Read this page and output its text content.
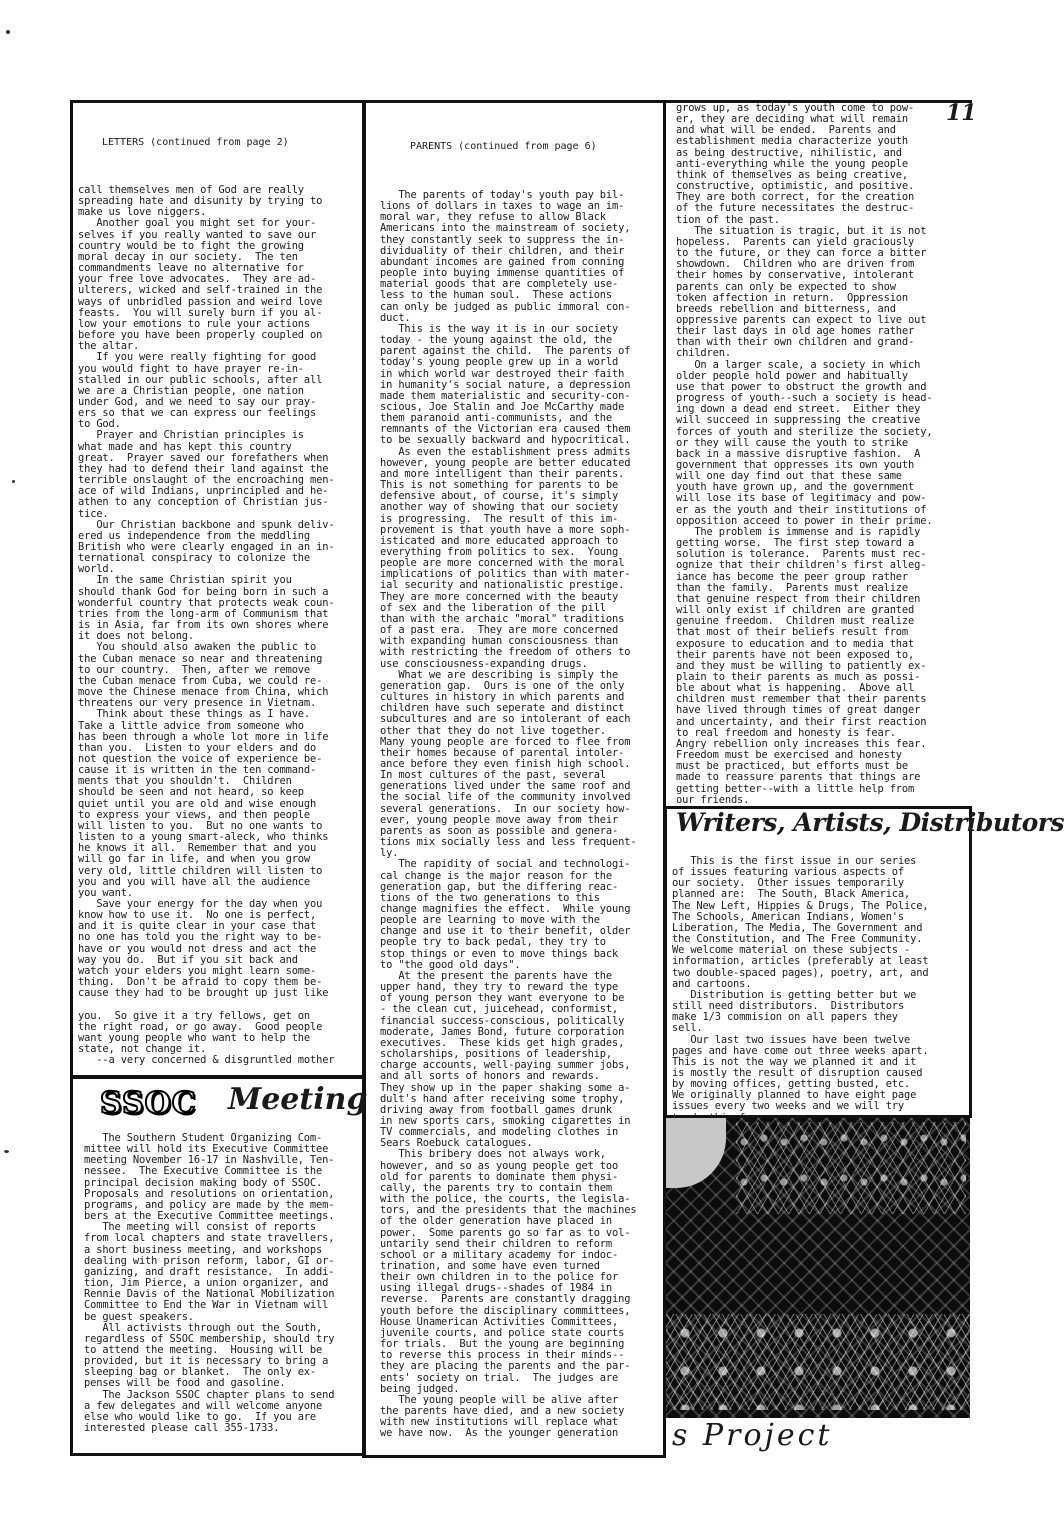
11
LETTERS (continued from page 2)
call themselves men of God are really
spreading hate and disunity by trying to
make us love niggers.
Another goal you might set for your-
selves if you really wanted to save our
country would be to fight the growing
moral decay in our society.  The ten
commandments leave no alternative for
your free love advocates.  They are ad-
ulterers, wicked and self-trained in the
ways of unbridled passion and weird love
feasts.  You will surely burn if you al-
low your emotions to rule your actions
before you have been properly coupled on
the altar.
If you were really fighting for good
you would fight to have prayer re-in-
stalled in our public schools, after all
we are a Christian people, one nation
under God, and we need to say our pray-
ers so that we can express our feelings
to God.
Prayer and Christian principles is
what made and has kept this country
great.  Prayer saved our forefathers when
they had to defend their land against the
terrible onslaught of the encroaching men-
ace of wild Indians, unprincipled and he-
athen to any conception of Christian jus-
tice.
Our Christian backbone and spunk deliv-
ered us independence from the meddling
British who were clearly engaged in an in-
ternational conspiracy to colonize the
world.
In the same Christian spirit you
should thank God for being born in such a
wonderful country that protects weak coun-
tries from the long-arm of Communism that
is in Asia, far from its own shores where
it does not belong.
You should also awaken the public to
the Cuban menace so near and threatening
to our country.  Then, after we remove
the Cuban menace from Cuba, we could re-
move the Chinese menace from China, which
threatens our very presence in Vietnam.
Think about these things as I have.
Take a little advice from someone who
has been through a whole lot more in life
than you.  Listen to your elders and do
not question the voice of experience be-
cause it is written in the ten command-
ments that you shouldn't.  Children
should be seen and not heard, so keep
quiet until you are old and wise enough
to express your views, and then people
will listen to you.  But no one wants to
listen to a young smart-aleck, who thinks
he knows it all.  Remember that and you
will go far in life, and when you grow
very old, little children will listen to
you and you will have all the audience
you want.
Save your energy for the day when you
know how to use it.  No one is perfect,
and it is quite clear in your case that
no one has told you the right way to be-
have or you would not dress and act the
way you do.  But if you sit back and
watch your elders you might learn some-
thing.  Don't be afraid to copy them be-
cause they had to be brought up just like

you.  So give it a try fellows, get on
the right road, or go away.  Good people
want young people who want to help the
state, not change it.
--a very concerned & disgruntled mother
SSOC Meeting
The Southern Student Organizing Com-
mittee will hold its Executive Committee
meeting November 16-17 in Nashville, Ten-
nessee.  The Executive Committee is the
principal decision making body of SSOC.
Proposals and resolutions on orientation,
programs, and policy are made by the mem-
bers at the Executive Committee meetings.
The meeting will consist of reports
from local chapters and state travellers,
a short business meeting, and workshops
dealing with prison reform, labor, GI or-
ganizing, and draft resistance.  In addi-
tion, Jim Pierce, a union organizer, and
Rennie Davis of the National Mobilization
Committee to End the War in Vietnam will
be guest speakers.
All activists through out the South,
regardless of SSOC membership, should try
to attend the meeting.  Housing will be
provided, but it is necessary to bring a
sleeping bag or blanket.  The only ex-
penses will be food and gasoline.
The Jackson SSOC chapter plans to send
a few delegates and will welcome anyone
else who would like to go.  If you are
interested please call 355-1733.
PARENTS (continued from page 6)
The parents of today's youth pay bil-
lions of dollars in taxes to wage an im-
moral war, they refuse to allow Black
Americans into the mainstream of society,
they constantly seek to suppress the in-
dividuality of their children, and their
abundant incomes are gained from conning
people into buying immense quantities of
material goods that are completely use-
less to the human soul.  These actions
can only be judged as public immoral con-
duct.
This is the way it is in our society
today - the young against the old, the
parent against the child.  The parents of
today's young people grew up in a world
in which world war destroyed their faith
in humanity's social nature, a depression
made them materialistic and security-con-
scious, Joe Stalin and Joe McCarthy made
them paranoid anti-communists, and the
remnants of the Victorian era caused them
to be sexually backward and hypocritical.
As even the establishment press admits
however, young people are better educated
and more intelligent than their parents.
This is not something for parents to be
defensive about, of course, it's simply
another way of showing that our society
is progressing.  The result of this im-
provement is that youth have a more soph-
isticated and more educated approach to
everything from politics to sex.  Young
people are more concerned with the moral
implications of politics than with mater-
ial security and nationalistic prestige.
They are more concerned with the beauty
of sex and the liberation of the pill
than with the archaic "moral" traditions
of a past era.  They are more concerned
with expanding human consciousness than
with restricting the freedom of others to
use consciousness-expanding drugs.
What we are describing is simply the
generation gap.  Ours is one of the only
cultures in history in which parents and
children have such seperate and distinct
subcultures and are so intolerant of each
other that they do not live together.
Many young people are forced to flee from
their homes because of parental intoler-
ance before they even finish high school.
In most cultures of the past, several
generations lived under the same roof and
the social life of the community involved
several generations.  In our society how-
ever, young people move away from their
parents as soon as possible and genera-
tions mix socially less and less frequent-
ly.
The rapidity of social and technologi-
cal change is the major reason for the
generation gap, but the differing reac-
tions of the two generations to this
change magnifies the effect.  While young
people are learning to move with the
change and use it to their benefit, older
people try to back pedal, they try to
stop things or even to move things back
to "the good old days".
At the present the parents have the
upper hand, they try to reward the type
of young person they want everyone to be
- the clean cut, juicehead, conformist,
financial success-conscious, politically
moderate, James Bond, future corporation
executives.  These kids get high grades,
scholarships, positions of leadership,
charge accounts, well-paying summer jobs,
and all sorts of honors and rewards.
They show up in the paper shaking some a-
dult's hand after receiving some trophy,
driving away from football games drunk
in new sports cars, smoking cigarettes in
TV commercials, and modeling clothes in
Sears Roebuck catalogues.
This bribery does not always work,
however, and so as young people get too
old for parents to dominate them physi-
cally, the parents try to contain them
with the police, the courts, the legisla-
tors, and the presidents that the machines
of the older generation have placed in
power.  Some parents go so far as to vol-
untarily send their children to reform
school or a military academy for indoc-
trination, and some have even turned
their own children in to the police for
using illegal drugs--shades of 1984 in
reverse.  Parents are constantly dragging
youth before the disciplinary committees,
House Unamerican Activities Committees,
juvenile courts, and police state courts
for trials.  But the young are beginning
to reverse this process in their minds--
they are placing the parents and the par-
ents' society on trial.  The judges are
being judged.
The young people will be alive after
the parents have died, and a new society
with new institutions will replace what
we have now.  As the younger generation
grows up, as today's youth come to pow-
er, they are deciding what will remain
and what will be ended.  Parents and
establishment media characterize youth
as being destructive, nihilistic, and
anti-everything while the young people
think of themselves as being creative,
constructive, optimistic, and positive.
They are both correct, for the creation
of the future necessitates the destruc-
tion of the past.
The situation is tragic, but it is not
hopeless.  Parents can yield graciously
to the future, or they can force a bitter
showdown.  Children who are driven from
their homes by conservative, intolerant
parents can only be expected to show
token affection in return.  Oppression
breeds rebellion and bitterness, and
oppressive parents can expect to live out
their last days in old age homes rather
than with their own children and grand-
children.
On a larger scale, a society in which
older people hold power and habitually
use that power to obstruct the growth and
progress of youth--such a society is head-
ing down a dead end street.  Either they
will succeed in suppressing the creative
forces of youth and sterilize the society,
or they will cause the youth to strike
back in a massive disruptive fashion.  A
government that oppresses its own youth
will one day find out that these same
youth have grown up, and the government
will lose its base of legitimacy and pow-
er as the youth and their institutions of
opposition acceed to power in their prime.
The problem is immense and is rapidly
getting worse.  The first step toward a
solution is tolerance.  Parents must rec-
ognize that their children's first alleg-
iance has become the peer group rather
than the family.  Parents must realize
that genuine respect from their children
will only exist if children are granted
genuine freedom.  Children must realize
that most of their beliefs result from
exposure to education and to media that
their parents have not been exposed to,
and they must be willing to patiently ex-
plain to their parents as much as possi-
ble about what is happening.  Above all
children must remember that their parents
have lived through times of great danger
and uncertainty, and their first reaction
to real freedom and honesty is fear.
Angry rebellion only increases this fear.
Freedom must be exercised and honesty
must be practiced, but efforts must be
made to reassure parents that things are
getting better--with a little help from
our friends.
Writers, Artists, Distributors
This is the first issue in our series
of issues featuring various aspects of
our society.  Other issues temporarily
planned are:  The South, Black America,
The New Left, Hippies & Drugs, The Police,
The Schools, American Indians, Women's
Liberation, The Media, The Government and
the Constitution, and The Free Community.
We welcome material on these subjects -
information, articles (preferably at least
two double-spaced pages), poetry, art, and
and cartoons.
Distribution is getting better but we
still need distributors.  Distributors
make 1/3 commision on all papers they
sell.
Our last two issues have been twelve
pages and have come out three weeks apart.
This is not the way we planned it and it
is mostly the result of disruption caused
by moving offices, getting busted, etc.
We originally planned to have eight page
issues every two weeks and we will try

s Project
